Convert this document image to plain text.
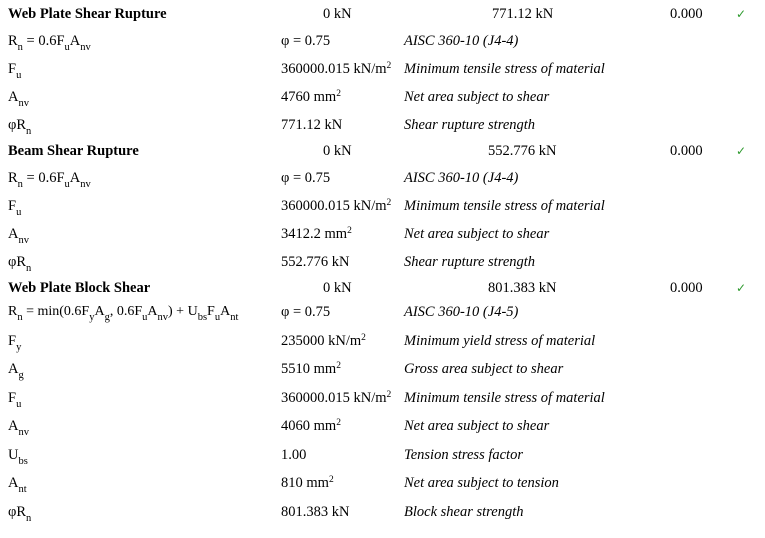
Web Plate Shear Rupture	0 kN	771.12 kN	0.000	✓
$R_n = 0.6F_uA_{nv}$	φ = 0.75	AISC 360-10 (J4-4)
$F_u$	360000.015 $kN/m^2$ Minimum tensile stress of material
$A_{nv}$	4760 $mm^2$	Net area subject to shear
$\varphi R_n$	771.12 kN	Shear rupture strength
Beam Shear Rupture	0 kN	552.776 kN	0.000	✓
$R_n = 0.6F_uA_{nv}$	φ = 0.75	AISC 360-10 (J4-4)
$F_u$	360000.015 $kN/m^2$ Minimum tensile stress of material
$A_{nv}$	3412.2 $mm^2$	Net area subject to shear
$\varphi R_n$	552.776 kN	Shear rupture strength
Web Plate Block Shear	0 kN	801.383 kN	0.000	✓
$R_n = \min(0.6F_yA_g$, $0.6F_uA_{nv}) + U_{bs}F_uA_{nt}$	φ = 0.75	AISC 360-10 (J4-5)
$F_y$	235000 $kN/m^2$	Minimum yield stress of material
$A_g$	5510 $mm^2$	Gross area subject to shear
$F_u$	360000.015 $kN/m^2$ Minimum tensile stress of material
$A_{nv}$	4060 $mm^2$	Net area subject to shear
$U_{bs}$	1.00	Tension stress factor
$A_{nt}$	810 $mm^2$	Net area subject to tension
$\varphi R_n$	801.383 kN	Block shear strength
